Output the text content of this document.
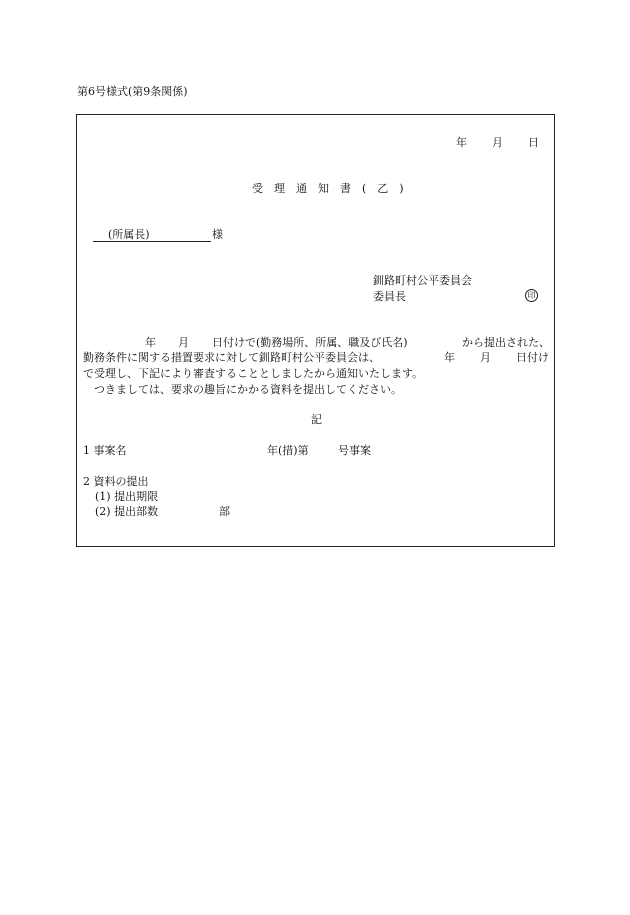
第6号様式(第9条関係)
年 月 日
受理通知書(乙)
(所属長)	様
釧路町村公平委員会
委員長	印
年 月 日付けで(勤務場所、所属、職及び氏名)	から提出された、
勤務条件に関する措置要求に対して釧路町村公平委員会は、	年 月 日付け
で受理し、下記により審査することとしましたから通知いたします。
つきましては、要求の趣旨にかかる資料を提出してください。
記
1 事案名	年(措)第	号事案
2 資料の提出
(1) 提出期限
(2) 提出部数	部
